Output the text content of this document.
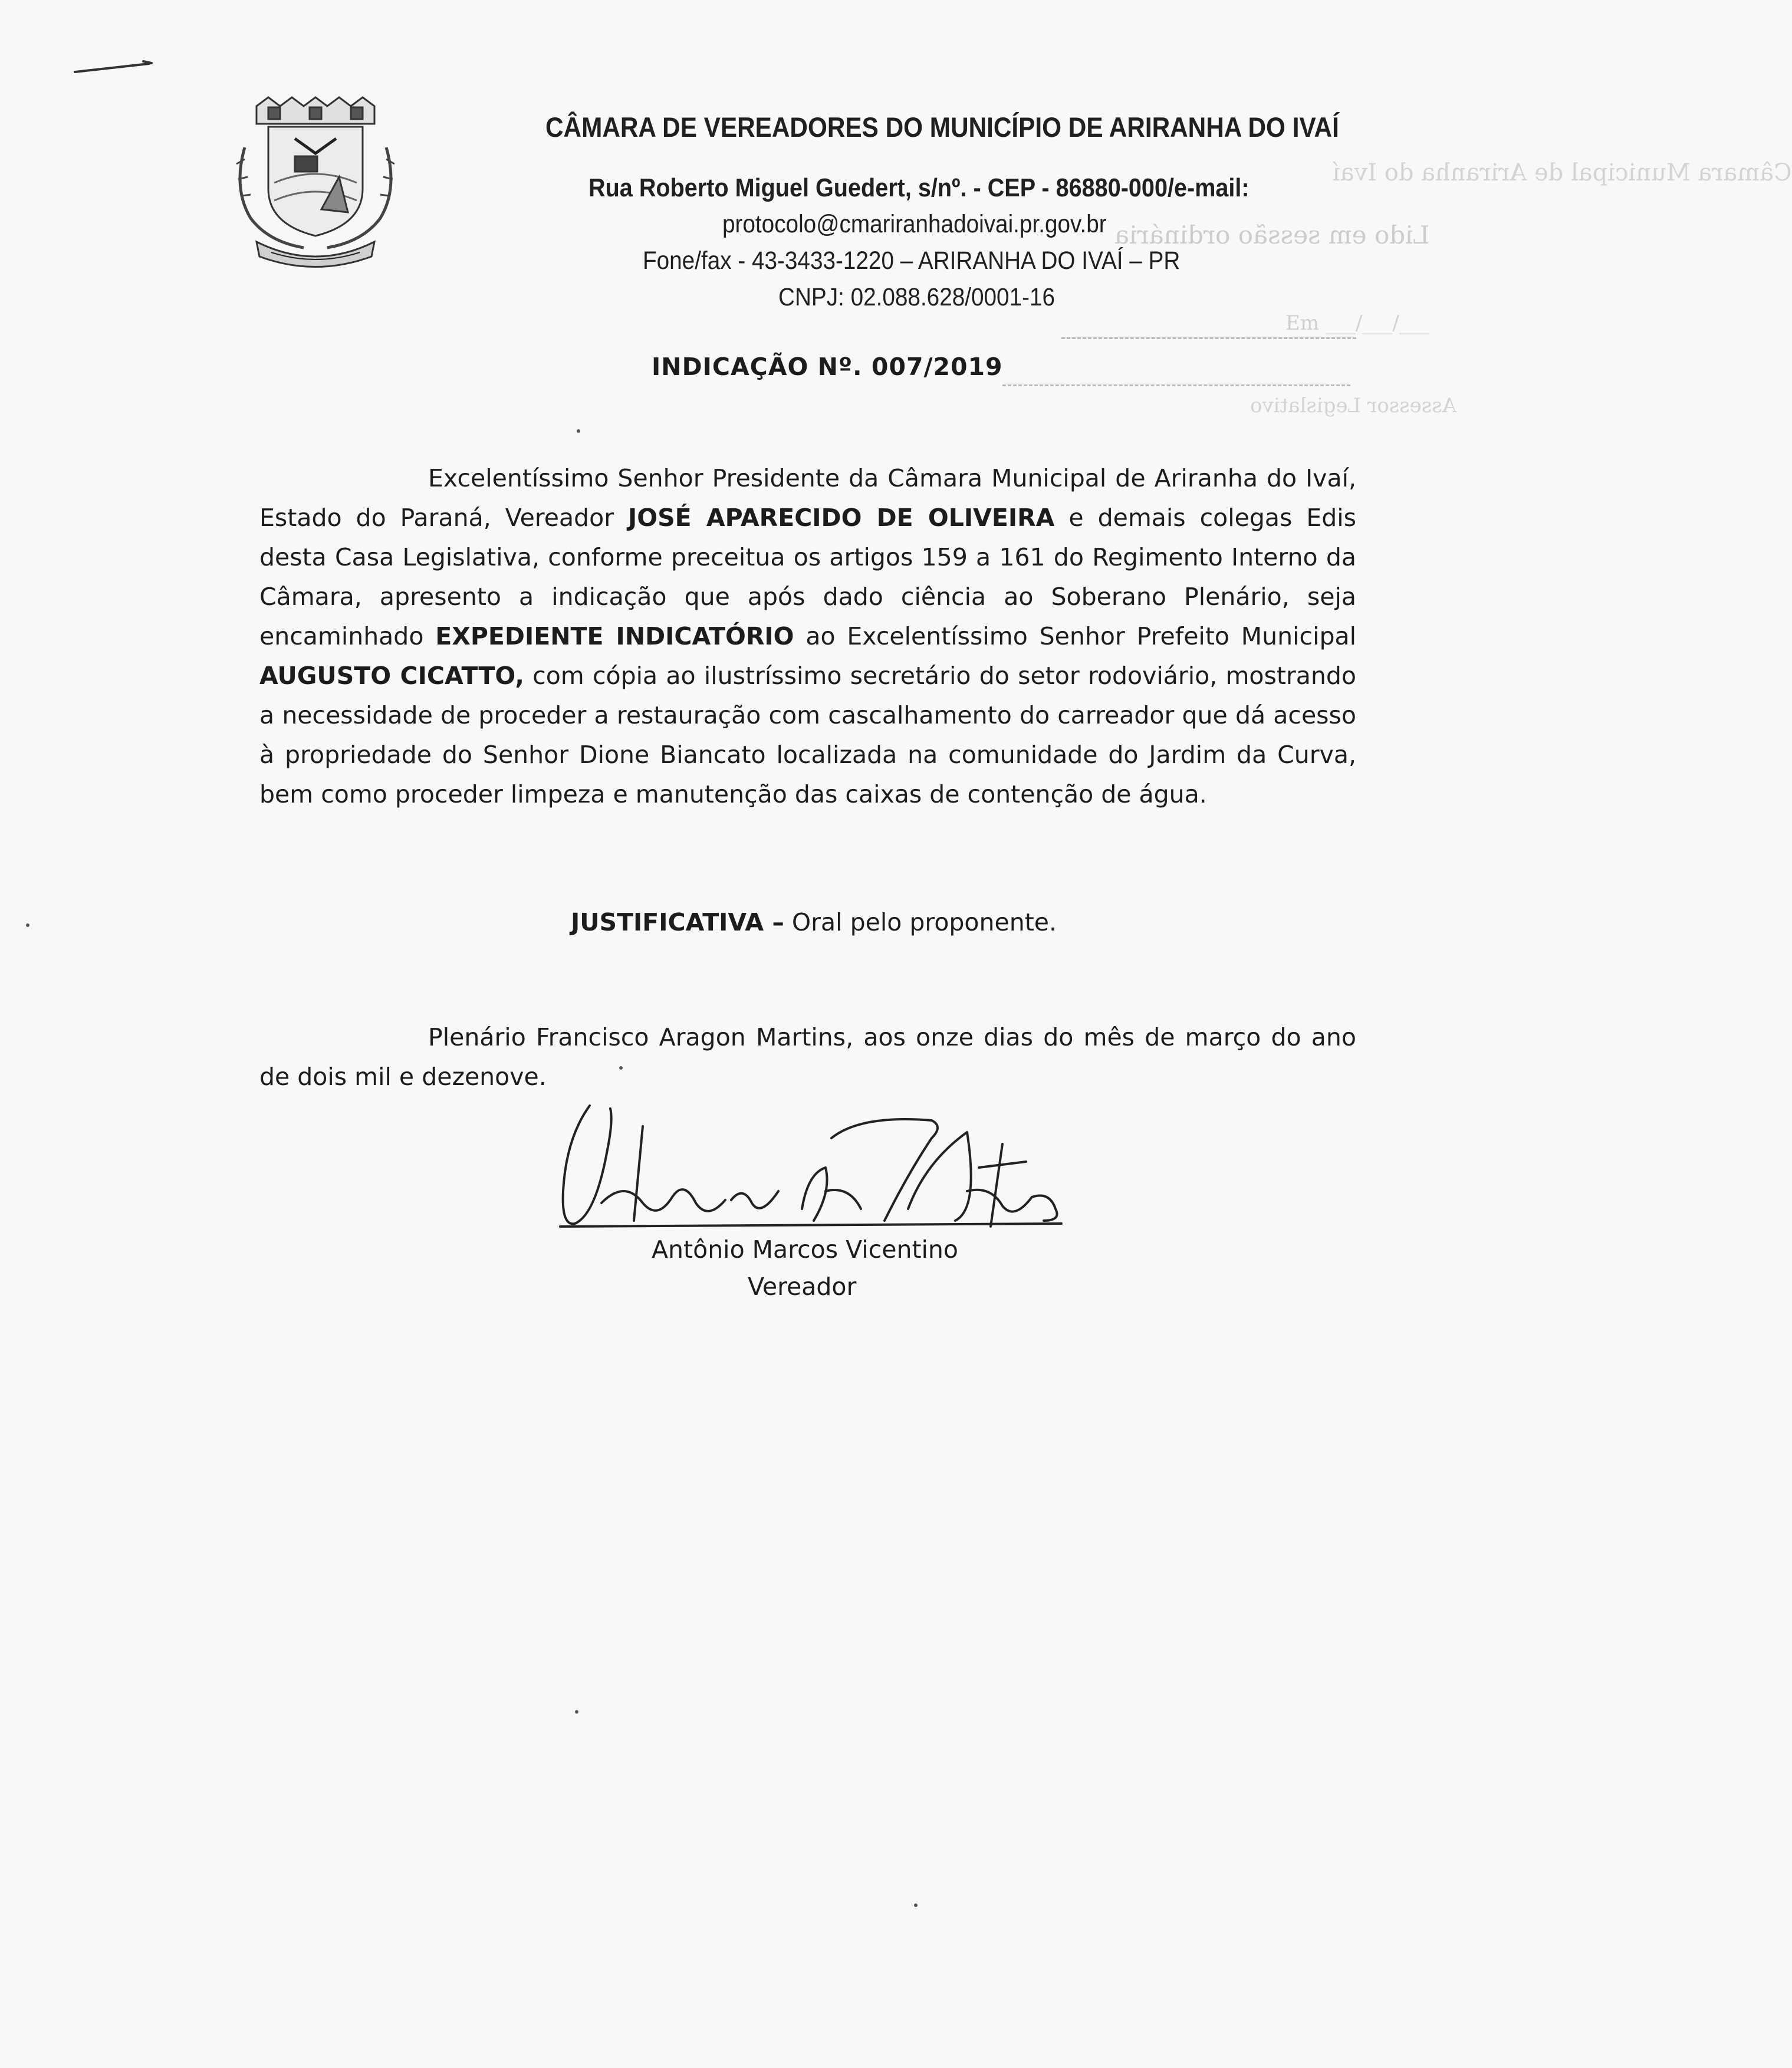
CÂMARA DE VEREADORES DO MUNICÍPIO DE ARIRANHA DO IVAÍ
Rua Roberto Miguel Guedert, s/nº. - CEP - 86880-000/e-mail:
protocolo@cmariranhadoivai.pr.gov.br
Fone/fax - 43-3433-1220 – ARIRANHA DO IVAÍ – PR
CNPJ: 02.088.628/0001-16
Câmara Municipal de Ariranha do Ivaí
Lido em sessão ordinária
Em ___/___/___
Assessor Legislativo
INDICAÇÃO Nº. 007/2019

Excelentíssimo Senhor Presidente da Câmara Municipal de Ariranha do Ivaí, Estado do Paraná, Vereador JOSÉ APARECIDO DE OLIVEIRA e demais colegas Edis desta Casa Legislativa, conforme preceitua os artigos 159 a 161 do Regimento Interno da Câmara, apresento a indicação que após dado ciência ao Soberano Plenário, seja encaminhado EXPEDIENTE INDICATÓRIO ao Excelentíssimo Senhor Prefeito Municipal AUGUSTO CICATTO, com cópia ao ilustríssimo secretário do setor rodoviário, mostrando a necessidade de proceder a restauração com cascalhamento do carreador que dá acesso à propriedade do Senhor Dione Biancato localizada na comunidade do Jardim da Curva, bem como proceder limpeza e manutenção das caixas de contenção de água.

JUSTIFICATIVA – Oral pelo proponente.

Plenário Francisco Aragon Martins, aos onze dias do mês de março do ano de dois mil e dezenove.

Antônio Marcos Vicentino
Vereador
